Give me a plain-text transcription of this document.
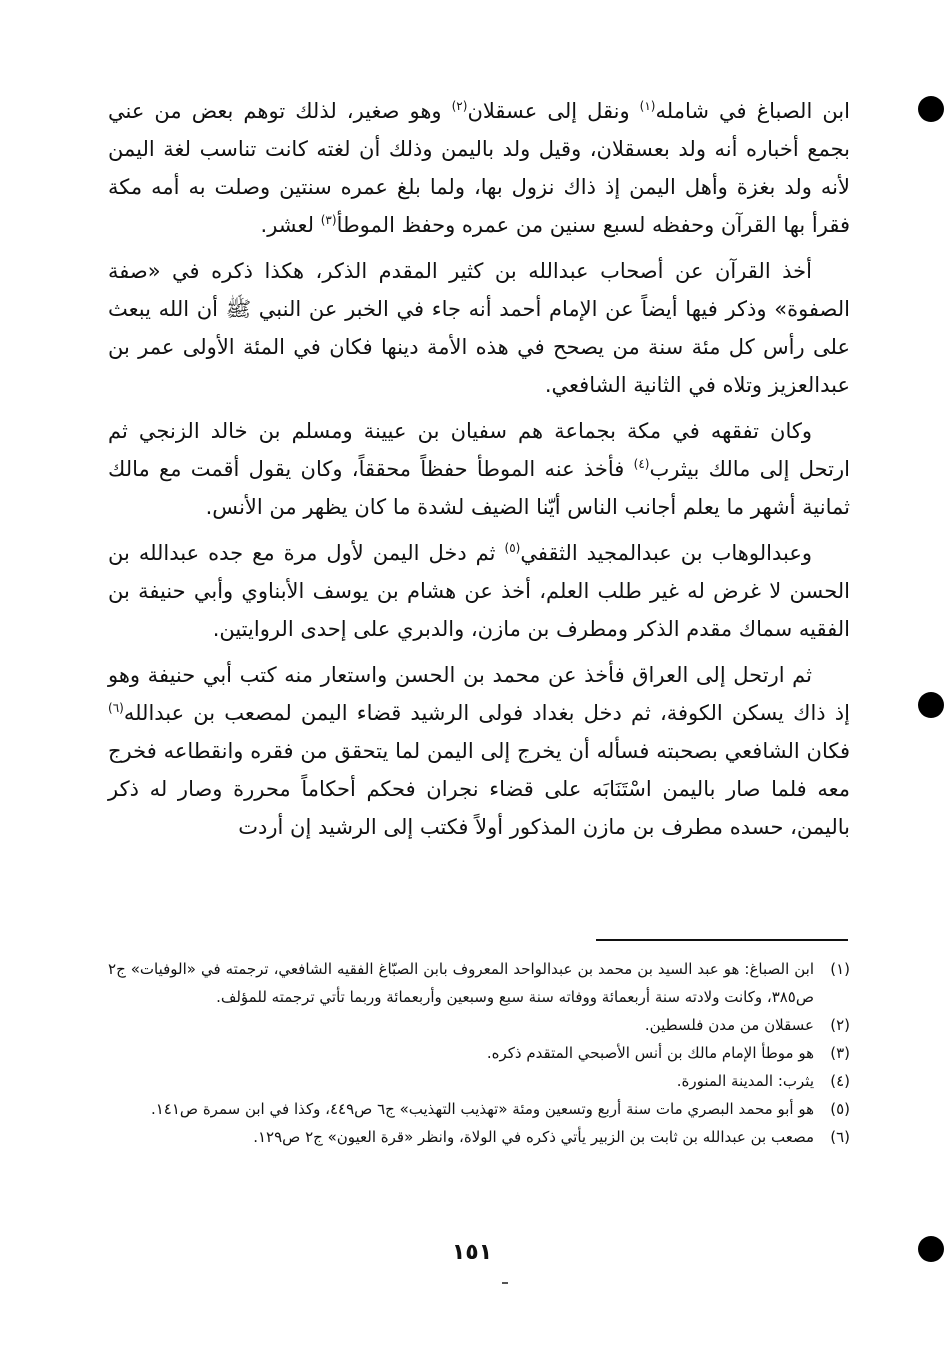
ابن الصباغ في شامله$^{(١)}$ ونقل إلى عسقلان$^{(٢)}$ وهو صغير، لذلك توهم بعض من عني بجمع أخباره أنه ولد بعسقلان، وقيل ولد باليمن وذلك أن لغته كانت تناسب لغة اليمن لأنه ولد بغزة وأهل اليمن إذ ذاك نزول بها، ولما بلغ عمره سنتين وصلت به أمه مكة فقرأ بها القرآن وحفظه لسبع سنين من عمره وحفظ الموطأ$^{(٣)}$ لعشر.

أخذ القرآن عن أصحاب عبدالله بن كثير المقدم الذكر، هكذا ذكره في «صفة الصفوة» وذكر فيها أيضاً عن الإمام أحمد أنه جاء في الخبر عن النبي ﷺ أن الله يبعث على رأس كل مئة سنة من يصحح في هذه الأمة دينها فكان في المئة الأولى عمر بن عبدالعزيز وتلاه في الثانية الشافعي.

وكان تفقهه في مكة بجماعة هم سفيان بن عيينة ومسلم بن خالد الزنجي ثم ارتحل إلى مالك بيثرب$^{(٤)}$ فأخذ عنه الموطأ حفظاً محققاً، وكان يقول أقمت مع مالك ثمانية أشهر ما يعلم أجانب الناس أيّنا الضيف لشدة ما كان يظهر من الأنس.

وعبدالوهاب بن عبدالمجيد الثقفي$^{(٥)}$ ثم دخل اليمن لأول مرة مع جده عبدالله بن الحسن لا غرض له غير طلب العلم، أخذ عن هشام بن يوسف الأبناوي وأبي حنيفة بن الفقيه سماك مقدم الذكر ومطرف بن مازن، والدبري على إحدى الروايتين.

ثم ارتحل إلى العراق فأخذ عن محمد بن الحسن واستعار منه كتب أبي حنيفة وهو إذ ذاك يسكن الكوفة، ثم دخل بغداد فولى الرشيد قضاء اليمن لمصعب بن عبدالله$^{(٦)}$ فكان الشافعي بصحبته فسأله أن يخرج إلى اليمن لما يتحقق من فقره وانقطاعه فخرج معه فلما صار باليمن اسْتَنَابَه على قضاء نجران فحكم أحكاماً محررة وصار له ذكر باليمن، حسده مطرف بن مازن المذكور أولاً فكتب إلى الرشيد إن أردت

(١)
ابن الصباغ: هو عبد السيد بن محمد بن عبدالواحد المعروف بابن الصبّاغ الفقيه الشافعي، ترجمته في «الوفيات» ج٢ ص٣٨٥، وكانت ولادته سنة أربعمائة ووفاته سنة سبع وسبعين وأربعمائة وربما تأتي ترجمته للمؤلف.
(٢)
عسقلان من مدن فلسطين.
(٣)
هو موطأ الإمام مالك بن أنس الأصبحي المتقدم ذكره.
(٤)
يثرب: المدينة المنورة.
(٥)
هو أبو محمد البصري مات سنة أربع وتسعين ومئة «تهذيب التهذيب» ج٦ ص٤٤٩، وكذا في ابن سمرة ص١٤١.
(٦)
مصعب بن عبدالله بن ثابت بن الزبير يأتي ذكره في الولاة، وانظر «قرة العيون» ج٢ ص١٢٩.
١٥١
